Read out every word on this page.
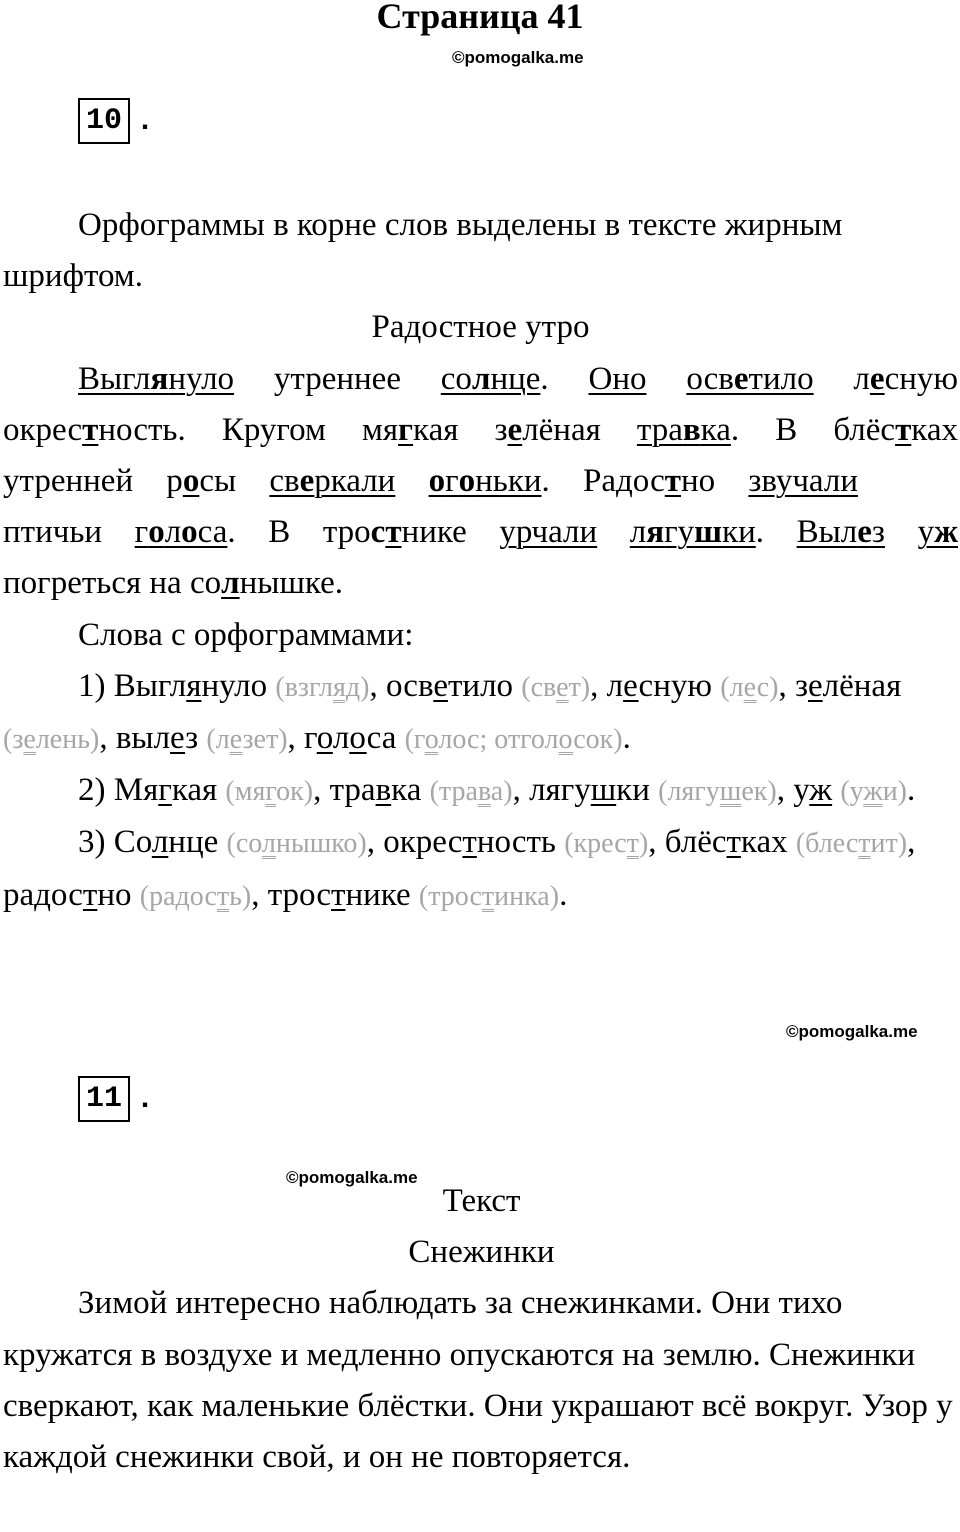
Страница 41
©pomogalka.me
10 .

Орфограммы в корне слов выделены в тексте жирным шрифтом.

Радостное утро

Выглянуло утреннее солнце. Оно осветило лесную

окрестность. Кругом мягкая зелёная травка. В блёстках

утренней росы сверкали огоньки. Радостно звучали

птичьи голоса. В тростнике урчали лягушки. Вылез уж

погреться на солнышке.

Слова с орфограммами:

1) Выглянуло (взгляд), осветило (свет), лесную (лес), зелёная (зелень), вылез (лезет), голоса (голос; отголосок).

2) Мягкая (мягок), травка (трава), лягушки (лягушек), уж (ужи).

3) Солнце (солнышко), окрестность (крест), блёстках (блестит), радостно (радость), тростнике (тростинка).

©pomogalka.me
11 .
©pomogalka.me

Текст

Снежинки

Зимой интересно наблюдать за снежинками. Они тихо кружатся в воздухе и медленно опускаются на землю. Снежинки сверкают, как маленькие блёстки. Они украшают всё вокруг. Узор у каждой снежинки свой, и он не повторяется.
